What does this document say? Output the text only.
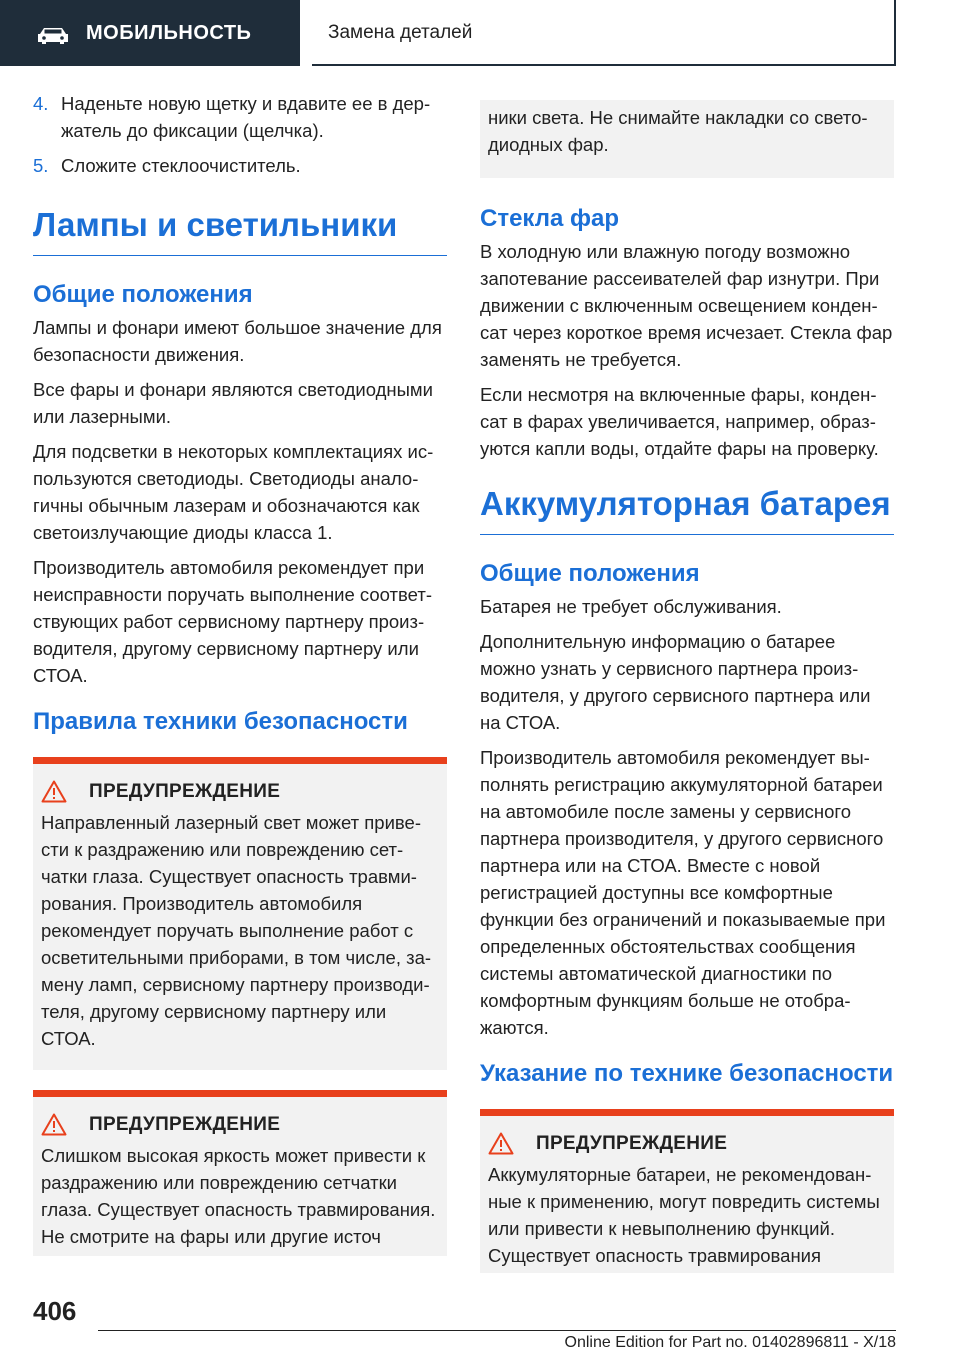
МОБИЛЬНОСТЬ	Замена деталей
4. Наденьте новую щетку и вдавите ее в держатель до фиксации (щелчка).
5. Сложите стеклоочиститель.
Лампы и светильники
Общие положения

Лампы и фонари имеют большое значение для безопасности движения.

Все фары и фонари являются светодиодными или лазерными.

Для подсветки в некоторых комплектациях используются светодиоды. Светодиоды аналогичны обычным лазерам и обозначаются как светоизлучающие диоды класса 1.

Производитель автомобиля рекомендует при неисправности поручать выполнение соответствующих работ сервисному партнеру производителя, другому сервисному партнеру или СТОА.

Правила техники безопасности
ПРЕДУПРЕЖДЕНИЕ

Направленный лазерный свет может привести к раздражению или повреждению сетчатки глаза. Существует опасность травмирования. Производитель автомобиля рекомендует поручать выполнение работ с осветительными приборами, в том числе, замену ламп, сервисному партнеру производителя, другому сервисному партнеру или СТОА.

ПРЕДУПРЕЖДЕНИЕ

Слишком высокая яркость может привести к раздражению или повреждению сетчатки глаза. Существует опасность травмирования. Не смотрите на фары или другие источ

ники света. Не снимайте накладки со светодиодных фар.

Стекла фар

В холодную или влажную погоду возможно запотевание рассеивателей фар изнутри. При движении с включенным освещением конденсат через короткое время исчезает. Стекла фар заменять не требуется.

Если несмотря на включенные фары, конденсат в фарах увеличивается, например, образуются капли воды, отдайте фары на проверку.

Аккумуляторная батарея
Общие положения

Батарея не требует обслуживания.

Дополнительную информацию о батарее можно узнать у сервисного партнера производителя, у другого сервисного партнера или на СТОА.

Производитель автомобиля рекомендует выполнять регистрацию аккумуляторной батареи на автомобиле после замены у сервисного партнера производителя, у другого сервисного партнера или на СТОА. Вместе с новой регистрацией доступны все комфортные функции без ограничений и показываемые при определенных обстоятельствах сообщения системы автоматической диагностики по комфортным функциям больше не отображаются.

Указание по технике безопасности
ПРЕДУПРЕЖДЕНИЕ

Аккумуляторные батареи, не рекомендованные к применению, могут повредить системы или привести к невыполнению функций. Существует опасность травмирования

406
Online Edition for Part no. 01402896811 - X/18
